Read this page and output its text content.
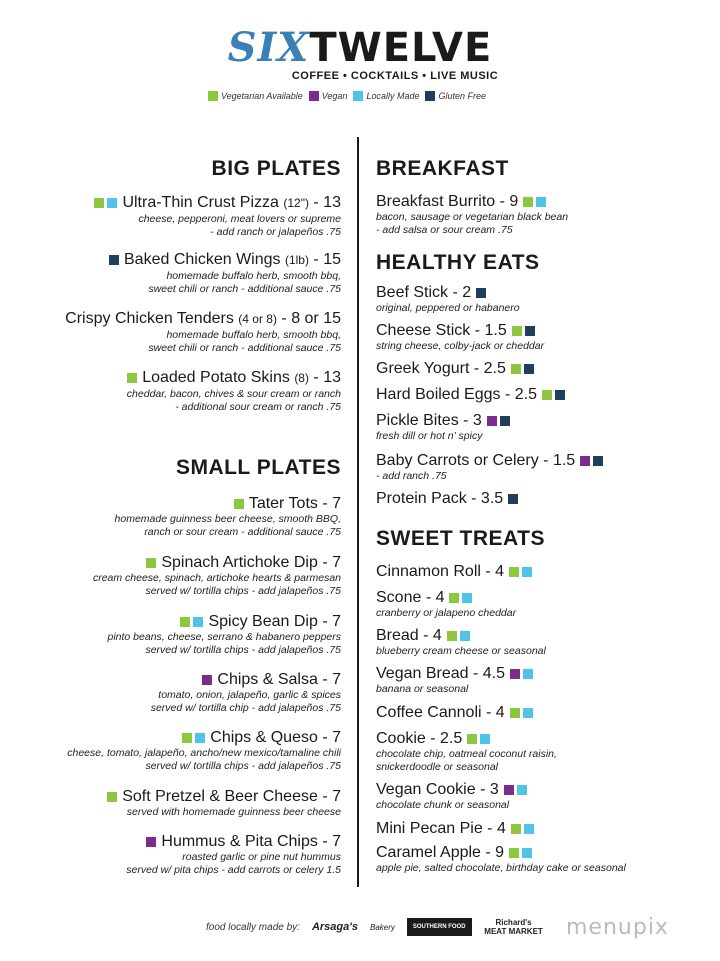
SIXTWELVE
COFFEE • COCKTAILS • LIVE MUSIC
Vegetarian Available Vegan Locally Made Gluten Free
BIG PLATES
Ultra-Thin Crust Pizza (12") - 13
cheese, pepperoni, meat lovers or supreme
- add ranch or jalapeños .75
Baked Chicken Wings (1lb) - 15
homemade buffalo herb, smooth bbq,
sweet chili or ranch - additional sauce .75
Crispy Chicken Tenders (4 or 8) - 8 or 15
homemade buffalo herb, smooth bbq,
sweet chili or ranch - additional sauce .75
Loaded Potato Skins (8) - 13
cheddar, bacon, chives & sour cream or ranch
- additional sour cream or ranch .75
SMALL PLATES
Tater Tots - 7
homemade guinness beer cheese, smooth BBQ,
ranch or sour cream - additional sauce .75
Spinach Artichoke Dip - 7
cream cheese, spinach, artichoke hearts & parmesan
served w/ tortilla chips - add jalapeños .75
Spicy Bean Dip - 7
pinto beans, cheese, serrano & habanero peppers
served w/ tortilla chips - add jalapeños .75
Chips & Salsa - 7
tomato, onion, jalapeño, garlic & spices
served w/ tortilla chip - add jalapeños .75
Chips & Queso - 7
cheese, tomato, jalapeño, ancho/new mexico/tamaline chili
served w/ tortilla chips - add jalapeños .75
Soft Pretzel & Beer Cheese - 7
served with homemade guinness beer cheese
Hummus & Pita Chips - 7
roasted garlic or pine nut hummus
served w/ pita chips - add carrots or celery 1.5
BREAKFAST
Breakfast Burrito - 9
bacon, sausage or vegetarian black bean
- add salsa or sour cream .75
HEALTHY EATS
Beef Stick - 2
original, peppered or habanero
Cheese Stick - 1.5
string cheese, colby-jack or cheddar
Greek Yogurt - 2.5
Hard Boiled Eggs - 2.5
Pickle Bites - 3
fresh dill or hot n' spicy
Baby Carrots or Celery - 1.5
- add ranch .75
Protein Pack - 3.5
SWEET TREATS
Cinnamon Roll - 4
Scone - 4
cranberry or jalapeno cheddar
Bread - 4
blueberry cream cheese or seasonal
Vegan Bread - 4.5
banana or seasonal
Coffee Cannoli - 4
Cookie - 2.5
chocolate chip, oatmeal coconut raisin,
snickerdoodle or seasonal
Vegan Cookie - 3
chocolate chunk or seasonal
Mini Pecan Pie - 4
Caramel Apple - 9
apple pie, salted chocolate, birthday cake or seasonal
food locally made by: Arsaga's Bakery	SOUTHERN FOOD	Richard's MEAT MARKET menupix
